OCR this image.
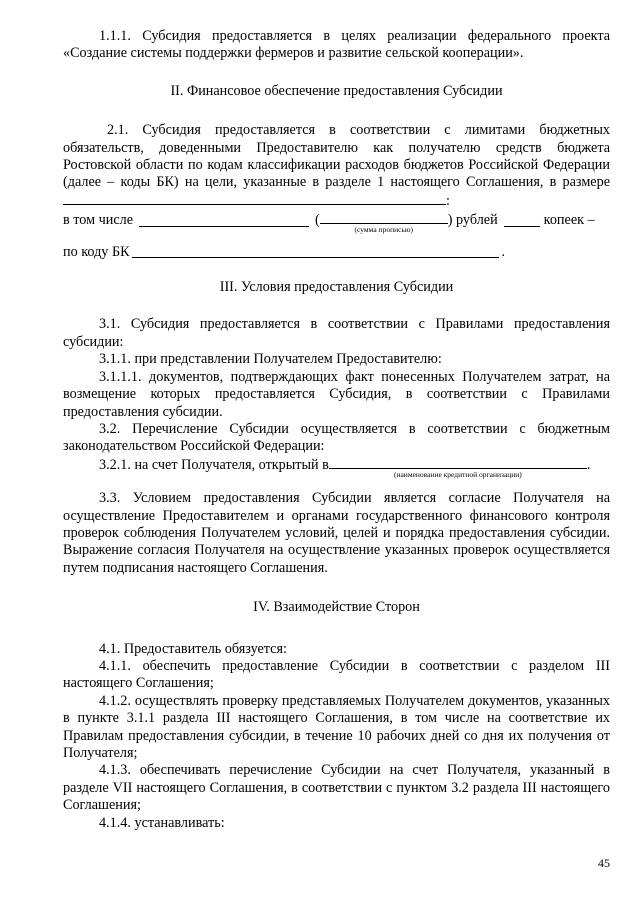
1.1.1. Субсидия предоставляется в целях реализации федерального проекта «Создание системы поддержки фермеров и развитие сельской кооперации».

II. Финансовое обеспечение предоставления Субсидии

2.1. Субсидия предоставляется в соответствии с лимитами бюджетных обязательств, доведенными Предоставителю как получателю средств бюджета Ростовской области по кодам классификации расходов бюджетов Российской Федерации (далее – коды БК) на цели, указанные в разделе 1 настоящего Соглашения, в размере:

в том числе	(
(сумма прописью)
) рублей	копеек –
по коду БК	.
III. Условия предоставления Субсидии

3.1. Субсидия предоставляется в соответствии с Правилами предоставления субсидии:

3.1.1. при представлении Получателем Предоставителю:

3.1.1.1. документов, подтверждающих факт понесенных Получателем затрат, на возмещение которых предоставляется Субсидия, в соответствии с Правилами предоставления субсидии.

3.2. Перечисление Субсидии осуществляется в соответствии с бюджетным законодательством Российской Федерации:

3.2.1. на счет Получателя, открытый в
(наименование кредитной организации)
.

3.3. Условием предоставления Субсидии является согласие Получателя на осуществление Предоставителем и органами государственного финансового контроля проверок соблюдения Получателем условий, целей и порядка предоставления субсидии. Выражение согласия Получателя на осуществление указанных проверок осуществляется путем подписания настоящего Соглашения.

IV. Взаимодействие Сторон

4.1. Предоставитель обязуется:

4.1.1. обеспечить предоставление Субсидии в соответствии с разделом III настоящего Соглашения;

4.1.2. осуществлять проверку представляемых Получателем документов, указанных в пункте 3.1.1 раздела III настоящего Соглашения, в том числе на соответствие их Правилам предоставления субсидии, в течение 10 рабочих дней со дня их получения от Получателя;

4.1.3. обеспечивать перечисление Субсидии на счет Получателя, указанный в разделе VII настоящего Соглашения, в соответствии с пунктом 3.2 раздела III настоящего Соглашения;

4.1.4. устанавливать:

45
